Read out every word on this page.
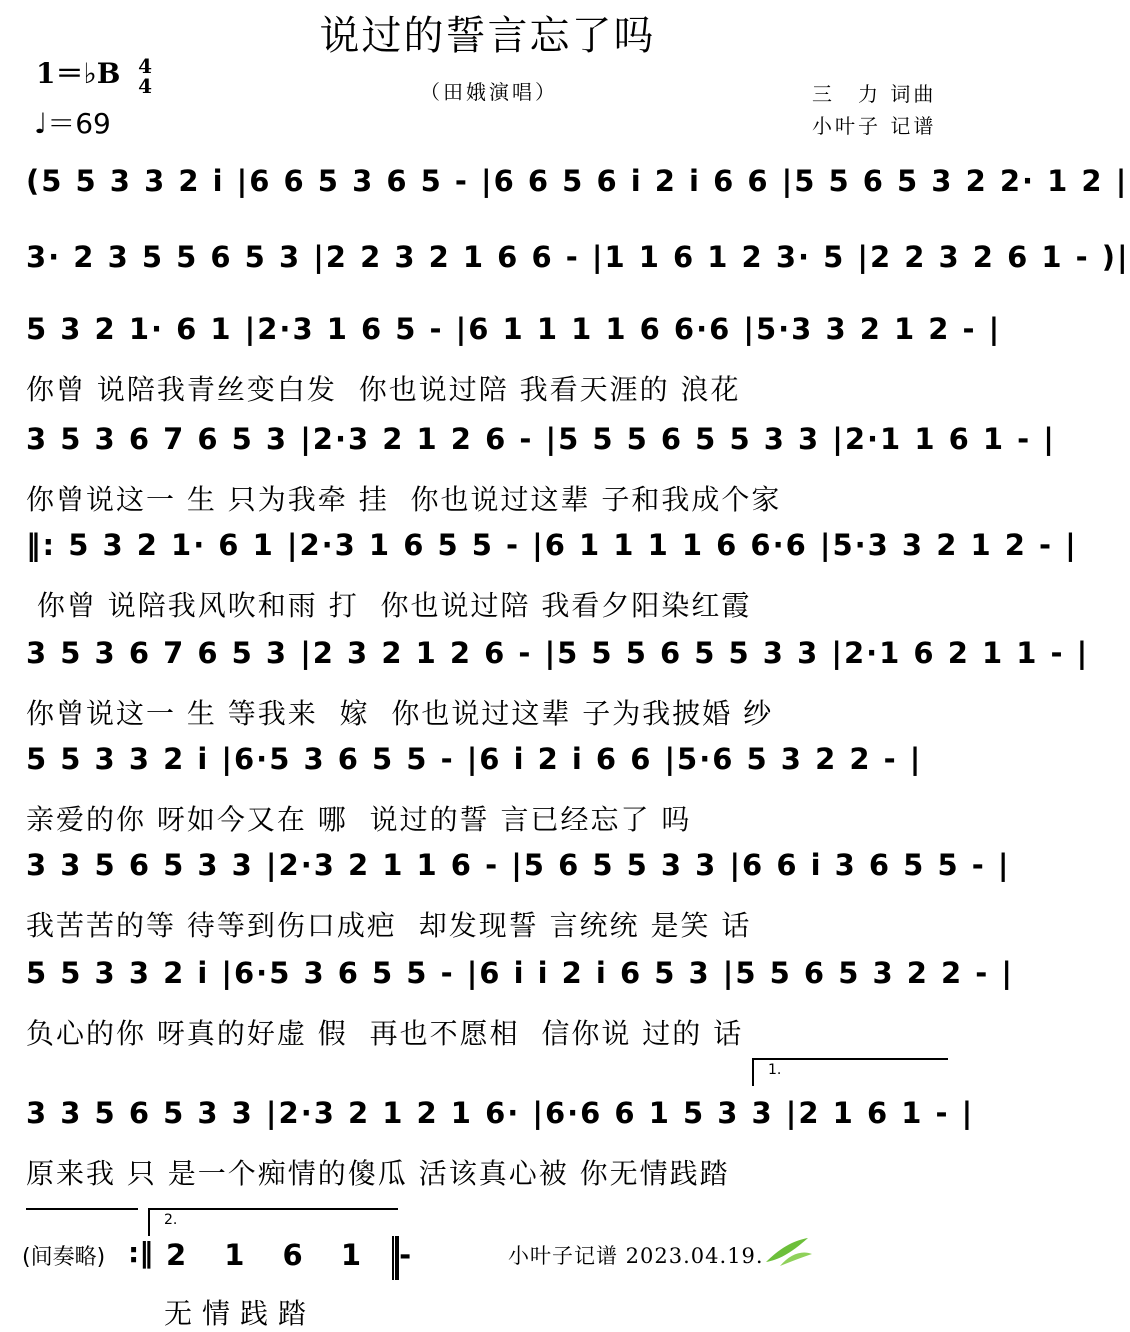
说过的誓言忘了吗
1＝♭B 4
4
♩＝69
（田娥演唱）	三　力 词曲
小叶子 记谱
(5 5 3 3 2 i |6 6 5 3 6 5 - |6 6 5 6 i 2 i 6 6 |5 5 6 5 3 2 2· 1 2 |
3· 2 3 5 5 6 5 3 |2 2 3 2 1 6 6 - |1 1 6 1 2 3· 5 |2 2 3 2 6 1 - )|
5 3 2 1· 6 1 |2·3 1 6 5 - |6 1 1 1 1 6 6·6 |5·3 3 2 1 2 - |
你曾 说陪我青丝变白发  你也说过陪 我看天涯的 浪花
3 5 3 6 7 6 5 3 |2·3 2 1 2 6 - |5 5 5 6 5 5 3 3 |2·1 1 6 1 - |
你曾说这一 生 只为我牵 挂  你也说过这辈 子和我成个家
‖: 5 3 2 1· 6 1 |2·3 1 6 5 5 - |6 1 1 1 1 6 6·6 |5·3 3 2 1 2 - |
你曾 说陪我风吹和雨 打  你也说过陪 我看夕阳染红霞
3 5 3 6 7 6 5 3 |2 3 2 1 2 6 - |5 5 5 6 5 5 3 3 |2·1 6 2 1 1 - |
你曾说这一 生 等我来  嫁  你也说过这辈 子为我披婚 纱
5 5 3 3 2 i |6·5 3 6 5 5 - |6 i 2 i 6 6 |5·6 5 3 2 2 - |
亲爱的你 呀如今又在 哪  说过的誓 言已经忘了 吗
3 3 5 6 5 3 3 |2·3 2 1 1 6 - |5 6 5 5 3 3 |6 6 i 3 6 5 5 - |
我苦苦的等 待等到伤口成疤  却发现誓 言统统 是笑 话
5 5 3 3 2 i |6·5 3 6 5 5 - |6 i i 2 i 6 5 3 |5 5 6 5 3 2 2 - |
负心的你 呀真的好虚 假  再也不愿相  信你说 过的 话
3 3 5 6 5 3 3 |2·3 2 1 2 1 6· |6·6 6 1 5 3 3 |2 1 6 1 - |
原来我 只 是一个痴情的傻瓜 活该真心被 你无情践踏
1.
2.
(间奏略) :‖ 2 1 6 1 -
无情践踏
小叶子记谱 2023.04.19.
